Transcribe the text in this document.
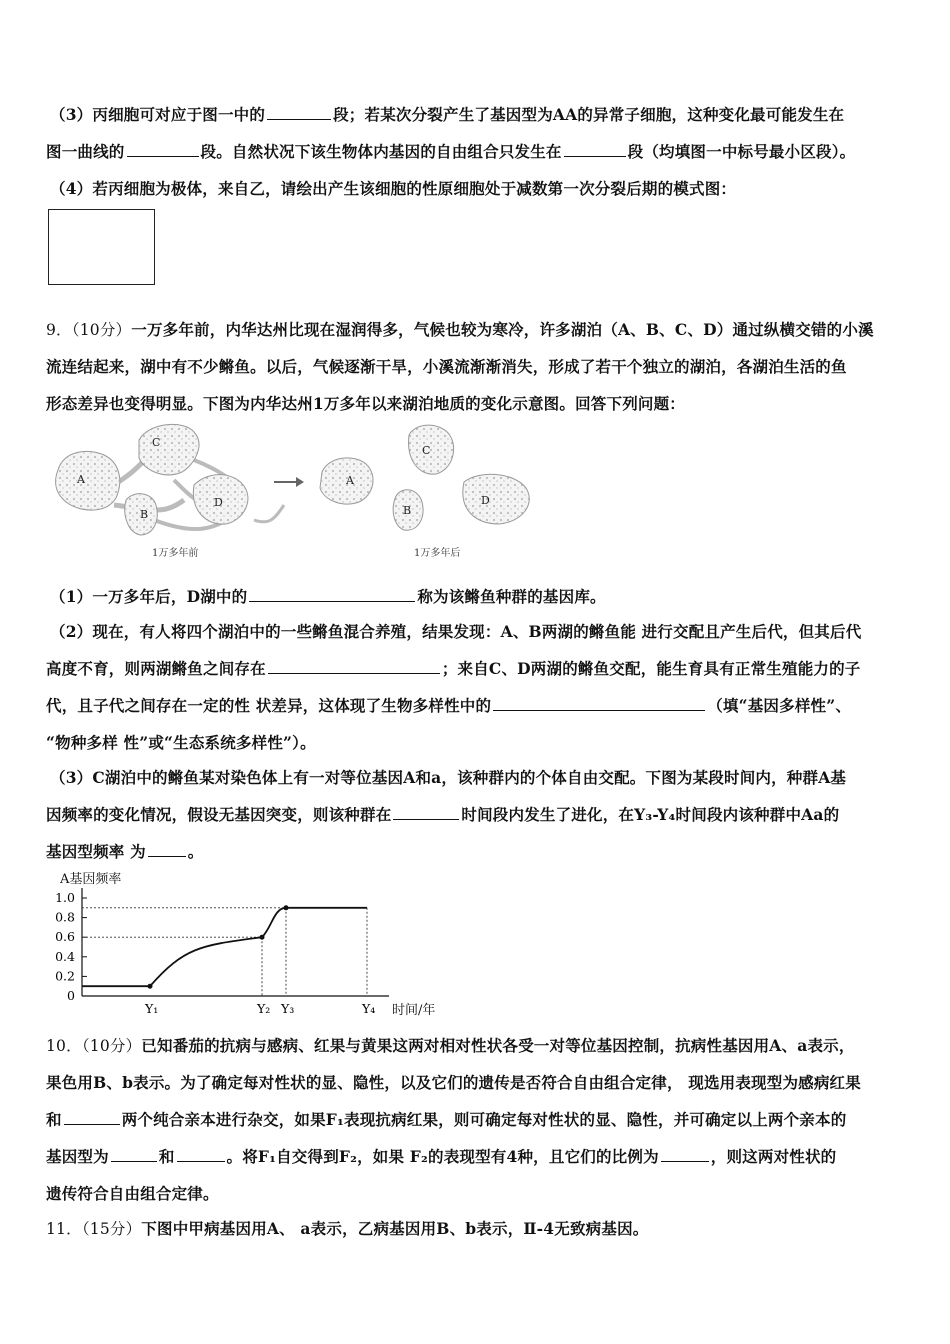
（3）丙细胞可对应于图一中的	段；若某次分裂产生了基因型为AA的异常子细胞，这种变化最可能发生在
图一曲线的	段。自然状况下该生物体内基因的自由组合只发生在	段（均填图一中标号最小区段）。
（4）若丙细胞为极体，来自乙，请绘出产生该细胞的性原细胞处于减数第一次分裂后期的模式图：
9．（10分）一万多年前，内华达州比现在湿润得多，气候也较为寒冷，许多湖泊（A、B、C、D）通过纵横交错的小溪
流连结起来，湖中有不少鳉鱼。以后，气候逐渐干旱，小溪流渐渐消失，形成了若干个独立的湖泊，各湖泊生活的鱼
形态差异也变得明显。下图为内华达州1万多年以来湖泊地质的变化示意图。回答下列问题：
A
C
B
D
1万多年前
A
C
B
D
1万多年后
（1）一万多年后，D湖中的	称为该鳉鱼种群的基因库。
（2）现在，有人将四个湖泊中的一些鳉鱼混合养殖，结果发现：A、B两湖的鳉鱼能 进行交配且产生后代，但其后代
高度不育，则两湖鳉鱼之间存在	；来自C、D两湖的鳉鱼交配，能生育具有正常生殖能力的子
代，且子代之间存在一定的性 状差异，这体现了生物多样性中的	（填“基因多样性”、
“物种多样 性”或“生态系统多样性”）。
（3）C湖泊中的鳉鱼某对染色体上有一对等位基因A和a，该种群内的个体自由交配。下图为某段时间内，种群A基
因频率的变化情况，假设无基因突变，则该种群在	时间段内发生了进化，在Y₃-Y₄时间段内该种群中Aa的
基因型频率 为	。
A基因频率
1.0
0.8
0.6
0.4
0.2
0
Y₁	Y₂ Y₃	Y₄ 时间/年
10．（10分）已知番茄的抗病与感病、红果与黄果这两对相对性状各受一对等位基因控制，抗病性基因用A、a表示，
果色用B、b表示。为了确定每对性状的显、隐性，以及它们的遗传是否符合自由组合定律， 现选用表现型为感病红果
和	两个纯合亲本进行杂交，如果F₁表现抗病红果，则可确定每对性状的显、隐性，并可确定以上两个亲本的
基因型为	和	。将F₁自交得到F₂，如果 F₂的表现型有4种，且它们的比例为	，则这两对性状的
遗传符合自由组合定律。
11．（15分）下图中甲病基因用A、 a表示，乙病基因用B、b表示，Ⅱ-4无致病基因。
